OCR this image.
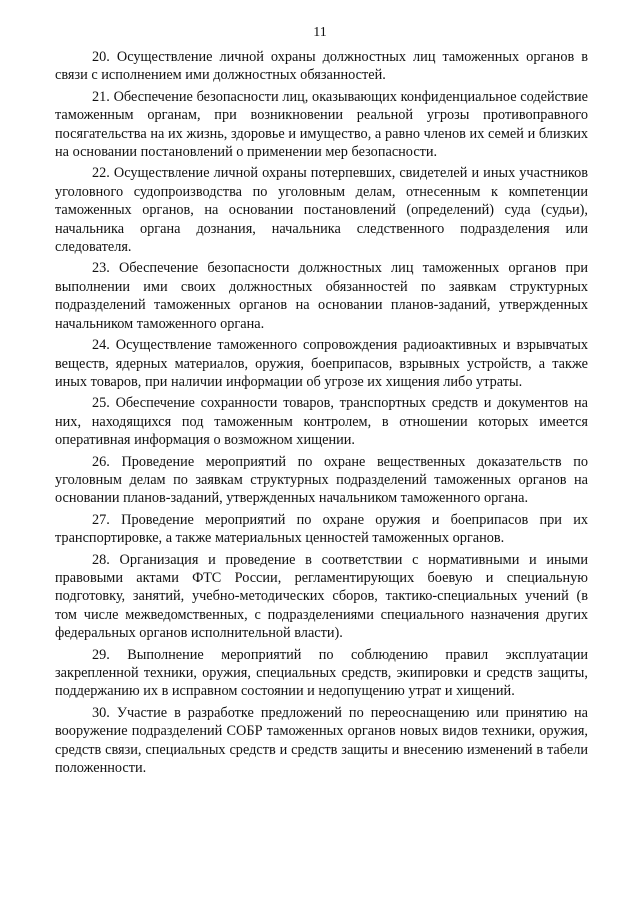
11

20. Осуществление личной охраны должностных лиц таможенных органов в связи с исполнением ими должностных обязанностей.

21. Обеспечение безопасности лиц, оказывающих конфиденциальное содействие таможенным органам, при возникновении реальной угрозы противоправного посягательства на их жизнь, здоровье и имущество, а равно членов их семей и близких на основании постановлений о применении мер безопасности.

22. Осуществление личной охраны потерпевших, свидетелей и иных участников уголовного судопроизводства по уголовным делам, отнесенным к компетенции таможенных органов, на основании постановлений (определений) суда (судьи), начальника органа дознания, начальника следственного подразделения или следователя.

23. Обеспечение безопасности должностных лиц таможенных органов при выполнении ими своих должностных обязанностей по заявкам структурных подразделений таможенных органов на основании планов-заданий, утвержденных начальником таможенного органа.

24. Осуществление таможенного сопровождения радиоактивных и взрывчатых веществ, ядерных материалов, оружия, боеприпасов, взрывных устройств, а также иных товаров, при наличии информации об угрозе их хищения либо утраты.

25. Обеспечение сохранности товаров, транспортных средств и документов на них, находящихся под таможенным контролем, в отношении которых имеется оперативная информация о возможном хищении.

26. Проведение мероприятий по охране вещественных доказательств по уголовным делам по заявкам структурных подразделений таможенных органов на основании планов-заданий, утвержденных начальником таможенного органа.

27. Проведение мероприятий по охране оружия и боеприпасов при их транспортировке, а также материальных ценностей таможенных органов.

28. Организация и проведение в соответствии с нормативными и иными правовыми актами ФТС России, регламентирующих боевую и специальную подготовку, занятий, учебно-методических сборов, тактико-специальных учений (в том числе межведомственных, с подразделениями специального назначения других федеральных органов исполнительной власти).

29. Выполнение мероприятий по соблюдению правил эксплуатации закрепленной техники, оружия, специальных средств, экипировки и средств защиты, поддержанию их в исправном состоянии и недопущению утрат и хищений.

30. Участие в разработке предложений по переоснащению или принятию на вооружение подразделений СОБР таможенных органов новых видов техники, оружия, средств связи, специальных средств и средств защиты и внесению изменений в табели положенности.
